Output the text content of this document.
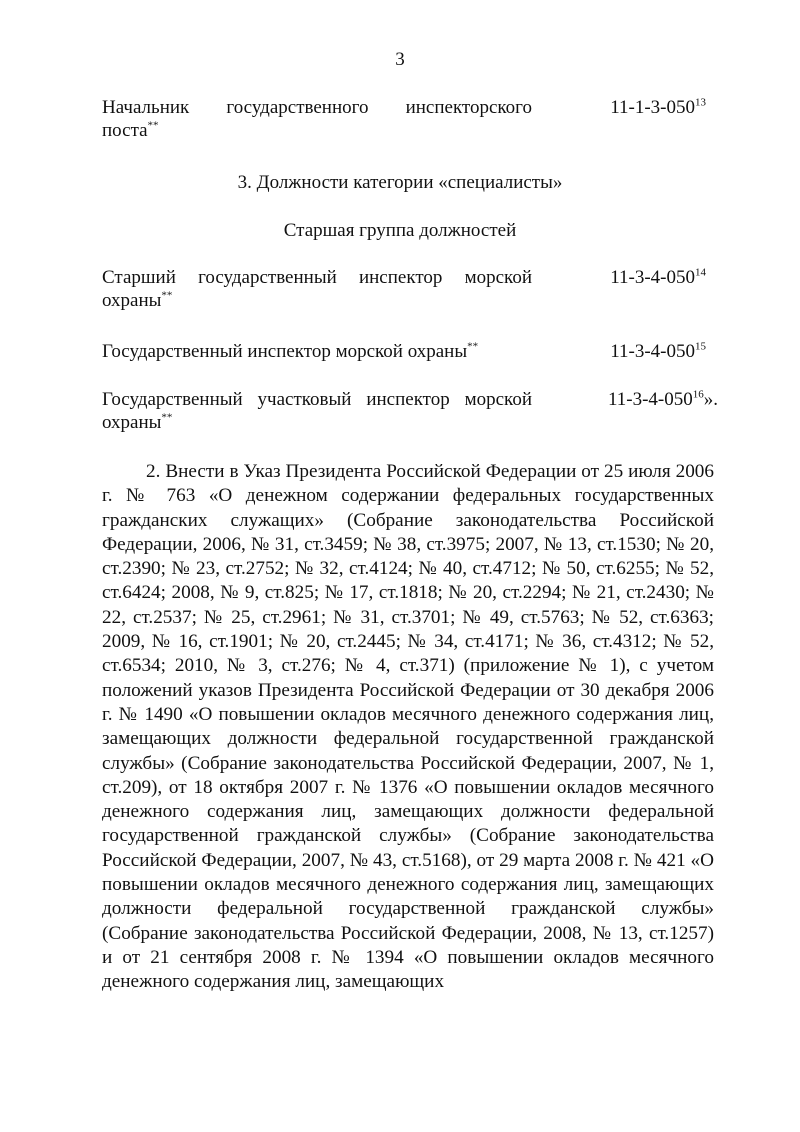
3
Начальник государственного инспекторского
поста**
$11-1-3-050^{13}$
3. Должности категории «специалисты»
Старшая группа должностей
Старший государственный инспектор морской
охраны**
$11-3-4-050^{14}$
Государственный инспектор морской охраны**	$11-3-4-050^{15}$
Государственный участковый инспектор морской
охраны**
$11-3-4-050^{16}$».

2. Внести в Указ Президента Российской Федерации от 25 июля 2006 г. № 763 «О денежном содержании федеральных государственных гражданских служащих» (Собрание законодательства Российской Федерации, 2006, № 31, ст.3459; № 38, ст.3975; 2007, № 13, ст.1530; № 20, ст.2390; № 23, ст.2752; № 32, ст.4124; № 40, ст.4712; № 50, ст.6255; № 52, ст.6424; 2008, № 9, ст.825; № 17, ст.1818; № 20, ст.2294; № 21, ст.2430; № 22, ст.2537; № 25, ст.2961; № 31, ст.3701; № 49, ст.5763; № 52, ст.6363; 2009, № 16, ст.1901; № 20, ст.2445; № 34, ст.4171; № 36, ст.4312; № 52, ст.6534; 2010, № 3, ст.276; № 4, ст.371) (приложение № 1), с учетом положений указов Президента Российской Федерации от 30 декабря 2006 г. № 1490 «О повышении окладов месячного денежного содержания лиц, замещающих должности федеральной государственной гражданской службы» (Собрание законодательства Российской Федерации, 2007, № 1, ст.209), от 18 октября 2007 г. № 1376 «О повышении окладов месячного денежного содержания лиц, замещающих должности федеральной государственной гражданской службы» (Собрание законодательства Российской Федерации, 2007, № 43, ст.5168), от 29 марта 2008 г. № 421 «О повышении окладов месячного денежного содержания лиц, замещающих должности федеральной государственной гражданской службы» (Собрание законодательства Российской Федерации, 2008, № 13, ст.1257) и от 21 сентября 2008 г. № 1394 «О повышении окладов месячного денежного содержания лиц, замещающих
